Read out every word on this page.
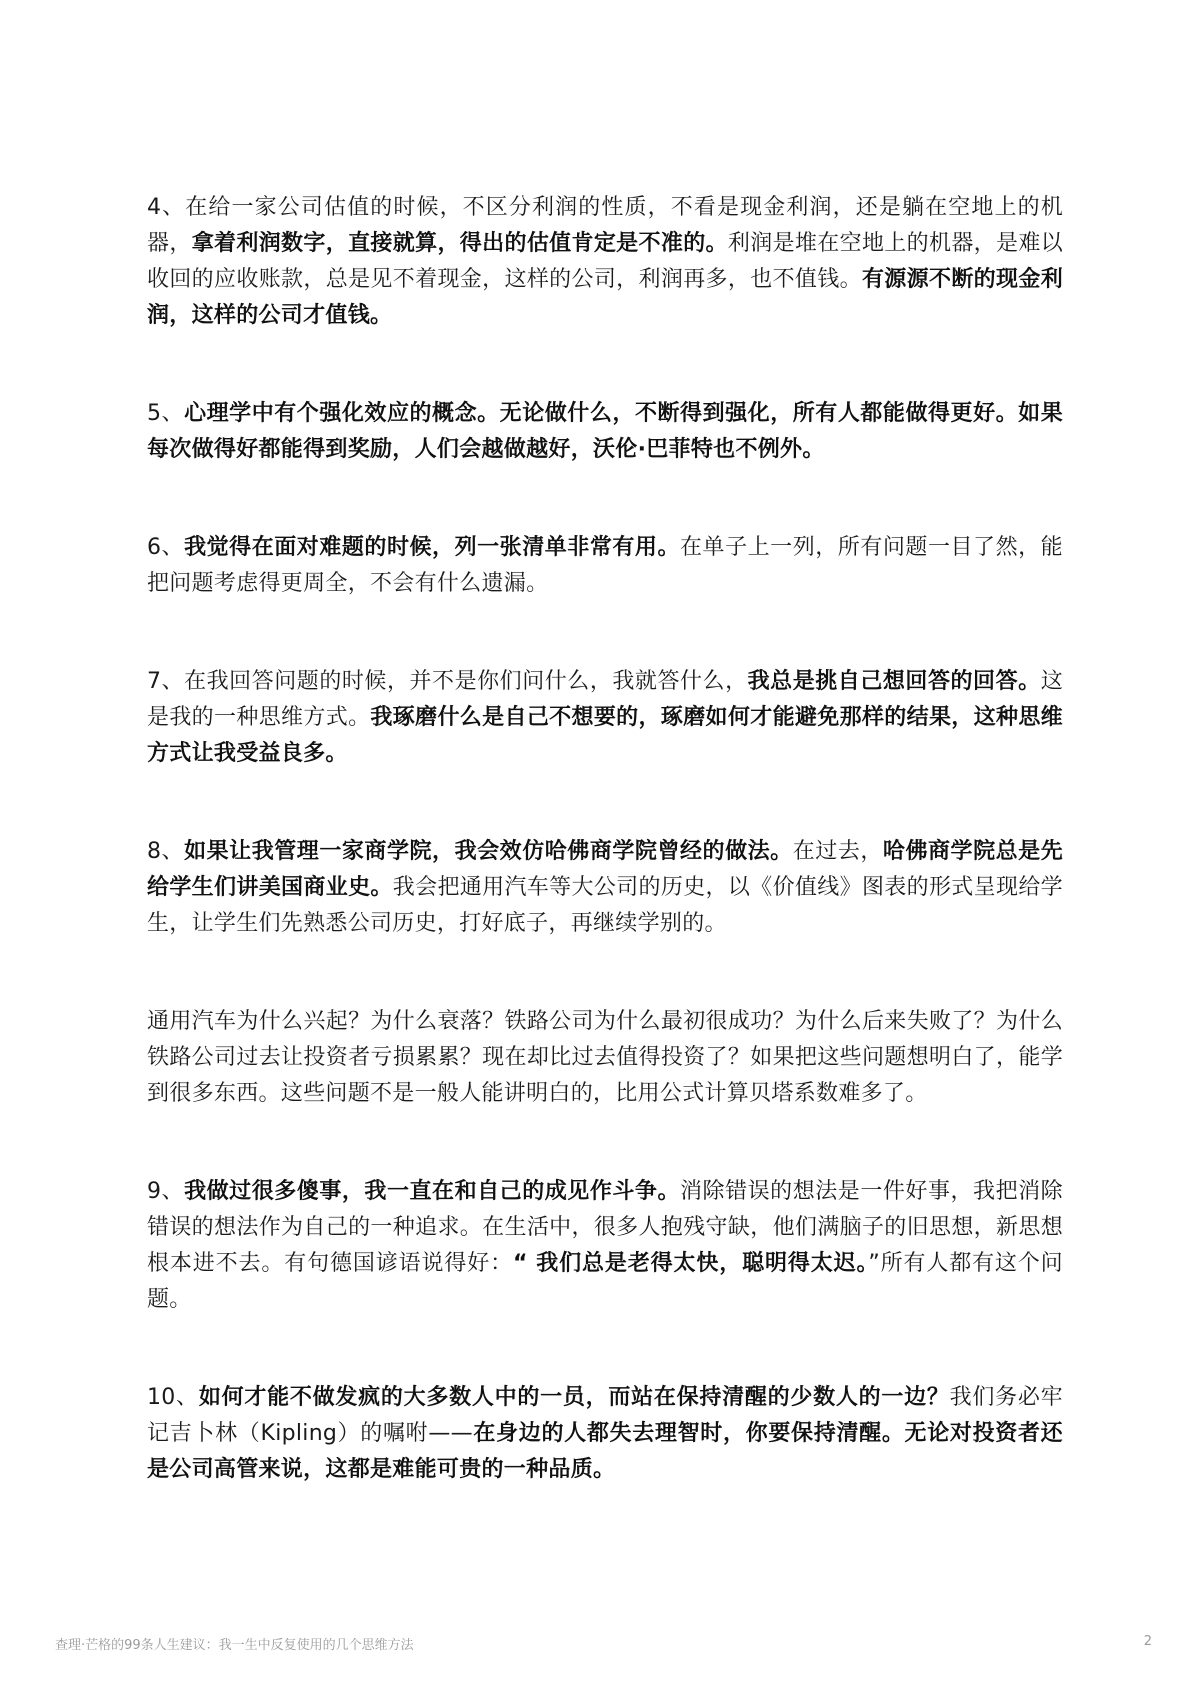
4、在给一家公司估值的时候，不区分利润的性质，不看是现金利润，还是躺在空地上的机器，拿着利润数字，直接就算，得出的估值肯定是不准的。利润是堆在空地上的机器，是难以收回的应收账款，总是见不着现金，这样的公司，利润再多，也不值钱。有源源不断的现金利润，这样的公司才值钱。

5、心理学中有个强化效应的概念。无论做什么，不断得到强化，所有人都能做得更好。如果每次做得好都能得到奖励，人们会越做越好，沃伦·巴菲特也不例外。

6、我觉得在面对难题的时候，列一张清单非常有用。在单子上一列，所有问题一目了然，能把问题考虑得更周全，不会有什么遗漏。

7、在我回答问题的时候，并不是你们问什么，我就答什么，我总是挑自己想回答的回答。这是我的一种思维方式。我琢磨什么是自己不想要的，琢磨如何才能避免那样的结果，这种思维方式让我受益良多。

8、如果让我管理一家商学院，我会效仿哈佛商学院曾经的做法。在过去，哈佛商学院总是先给学生们讲美国商业史。我会把通用汽车等大公司的历史，以《价值线》图表的形式呈现给学生，让学生们先熟悉公司历史，打好底子，再继续学别的。

通用汽车为什么兴起？为什么衰落？铁路公司为什么最初很成功？为什么后来失败了？为什么铁路公司过去让投资者亏损累累？现在却比过去值得投资了？如果把这些问题想明白了，能学到很多东西。这些问题不是一般人能讲明白的，比用公式计算贝塔系数难多了。

9、我做过很多傻事，我一直在和自己的成见作斗争。消除错误的想法是一件好事，我把消除错误的想法作为自己的一种追求。在生活中，很多人抱残守缺，他们满脑子的旧思想，新思想根本进不去。有句德国谚语说得好：“ 我们总是老得太快，聪明得太迟。”所有人都有这个问题。

10、如何才能不做发疯的大多数人中的一员，而站在保持清醒的少数人的一边？我们务必牢记吉卜林（Kipling）的嘱咐——在身边的人都失去理智时，你要保持清醒。无论对投资者还是公司高管来说，这都是难能可贵的一种品质。

查理·芒格的99条人生建议：我一生中反复使用的几个思维方法	2
